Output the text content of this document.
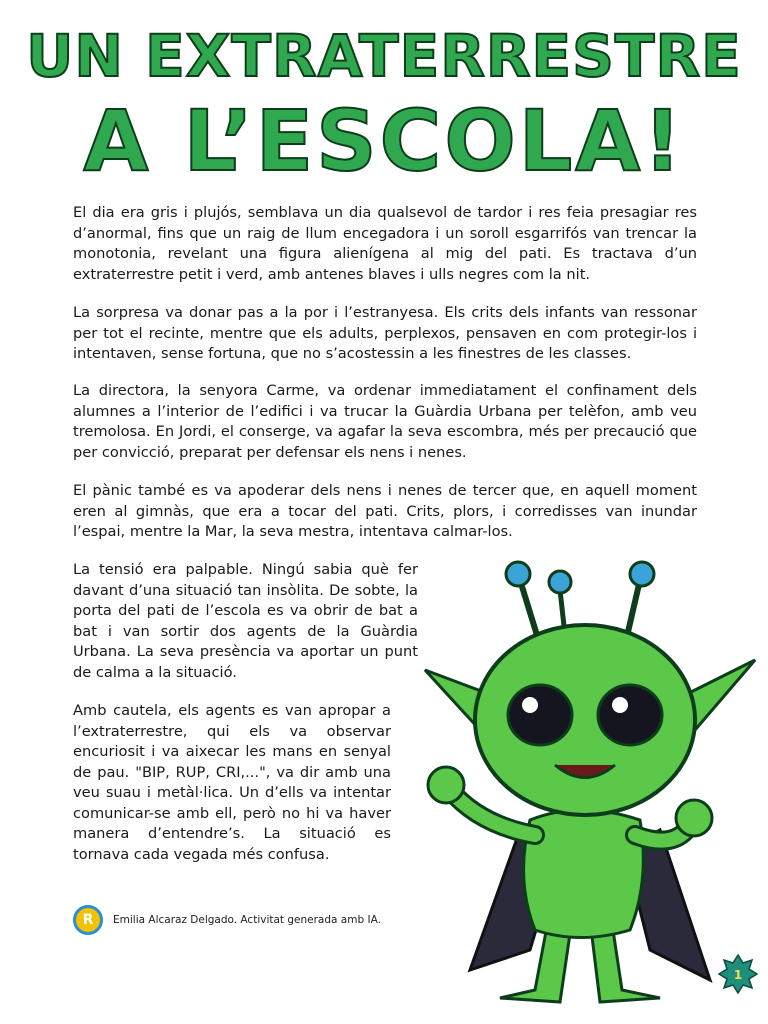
UN EXTRATERRESTRE
A L’ESCOLA!

El dia era gris i plujós, semblava un dia qualsevol de tardor i res feia presagiar res d’anormal, fins que un raig de llum encegadora i un soroll esgarrifós van trencar la monotonia, revelant una figura alienígena al mig del pati. Es tractava d’un extraterrestre petit i verd, amb antenes blaves i ulls negres com la nit.

La sorpresa va donar pas a la por i l’estranyesa. Els crits dels infants van ressonar per tot el recinte, mentre que els adults, perplexos, pensaven en com protegir-los i intentaven, sense fortuna, que no s’acostessin a les finestres de les classes.

La directora, la senyora Carme, va ordenar immediatament el confinament dels alumnes a l’interior de l’edifici i va trucar la Guàrdia Urbana per telèfon, amb veu tremolosa. En Jordi, el conserge, va agafar la seva escombra, més per precaució que per convicció, preparat per defensar els nens i nenes.

El pànic també es va apoderar dels nens i nenes de tercer que, en aquell moment eren al gimnàs, que era a tocar del pati. Crits, plors, i corredisses van inundar l’espai, mentre la Mar, la seva mestra, intentava calmar-los.

La tensió era palpable. Ningú sabia què fer davant d’una situació tan insòlita. De sobte, la porta del pati de l’escola es va obrir de bat a bat i van sortir dos agents de la Guàrdia Urbana. La seva presència va aportar un punt de calma a la situació.

Amb cautela, els agents es van apropar a l’extraterrestre, qui els va observar encuriosit i va aixecar les mans en senyal de pau. "BIP, RUP, CRI,...", va dir amb una veu suau i metàl·lica. Un d’ells va intentar comunicar-se amb ell, però no hi va haver manera d’entendre’s. La situació es tornava cada vegada més confusa.

R Emilia Alcaraz Delgado. Activitat generada amb IA.
1
